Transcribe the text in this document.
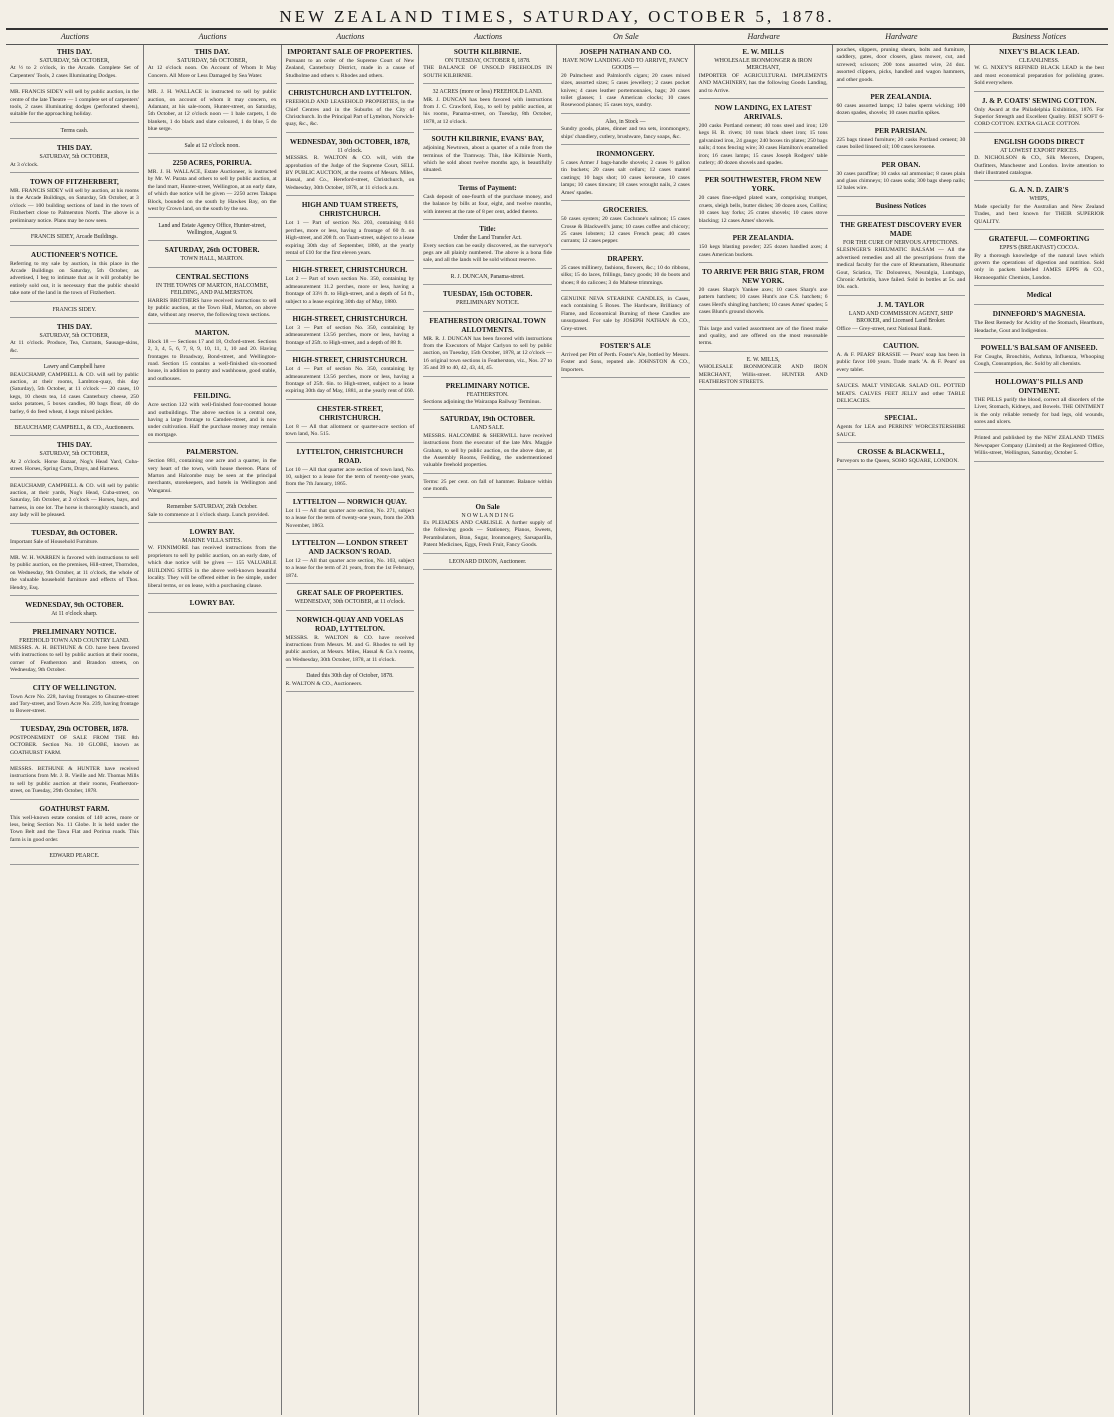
NEW ZEALAND TIMES, SATURDAY, OCTOBER 5, 1878.
Auctions	Auctions	Auctions	Auctions	On Sale	Hardware	Hardware	Business Notices
THIS DAY.
SATURDAY, 5th OCTOBER,

At ½ to 2 o'clock, in the Arcade. Complete Set of Carpenters' Tools, 2 cases Illuminating Dodges.

MR. FRANCIS SIDEY will sell by public auction, in the centre of the late Theatre — 1 complete set of carpenters' tools, 2 cases illuminating dodges (perforated sheets), suitable for the approaching holiday.

Terms cash.
THIS DAY.
SATURDAY, 5th OCTOBER,

At 3 o'clock.

TOWN OF FITZHERBERT,

MR. FRANCIS SIDEY will sell by auction, at his rooms in the Arcade Buildings, on Saturday, 5th October, at 3 o'clock — 100 building sections of land in the town of Fitzherbert close to Palmerston North. The above is a preliminary notice. Plans may be now seen.

FRANCIS SIDEY, Arcade Buildings.
AUCTIONEER'S NOTICE.

Referring to my sale by auction, in this place in the Arcade Buildings on Saturday, 5th October, as advertised, I beg to intimate that as it will probably be entirely sold out, it is necessary that the public should take note of the land in the town of Fitzherbert.

FRANCIS SIDEY.
THIS DAY.
SATURDAY, 5th OCTOBER,

At 11 o'clock. Produce, Tea, Currants, Sausage-skins, &c.

Lawry and Campbell have

BEAUCHAMP, CAMPBELL & CO. will sell by public auction, at their rooms, Lambton-quay, this day (Saturday), 5th October, at 11 o'clock — 20 cases, 10 kegs, 10 chests tea, 14 cases Canterbury cheese, 250 sacks potatoes, 5 boxes candles, 80 bags flour, 40 do barley, 6 do feed wheat, 4 kegs mixed pickles.

BEAUCHAMP, CAMPBELL, & CO., Auctioneers.
THIS DAY.
SATURDAY, 5th OCTOBER,

At 2 o'clock. Horse Bazaar, Nog's Head Yard, Cuba-street. Horses, Spring Carts, Drays, and Harness.

BEAUCHAMP, CAMPBELL & CO. will sell by public auction, at their yards, Nog's Head, Cuba-street, on Saturday, 5th October, at 2 o'clock — Horses, bays, and harness, in one lot. The horse is thoroughly staunch, and any lady will be pleased.

TUESDAY, 8th OCTOBER.

Important Sale of Household Furniture.

MR. W. H. WARREN is favored with instructions to sell by public auction, on the premises, Hill-street, Thorndon, on Wednesday, 9th October, at 11 o'clock, the whole of the valuable household furniture and effects of Thos. Hendry, Esq.

WEDNESDAY, 9th OCTOBER.
At 11 o'clock sharp.
PRELIMINARY NOTICE.
FREEHOLD TOWN AND COUNTRY LAND.

MESSRS. A. H. BETHUNE & CO. have been favored with instructions to sell by public auction at their rooms, corner of Featherston and Brandon streets, on Wednesday, 9th October.

CITY OF WELLINGTON.

Town Acre No. 228, having frontages to Ghuznee-street and Tory-street, and Town Acre No. 239, having frontage to Bower-street.

TUESDAY, 29th OCTOBER, 1878.

POSTPONEMENT OF SALE FROM THE 8th OCTOBER. Section No. 10 GLOBE, known as GOATHURST FARM.

MESSRS. BETHUNE & HUNTER have received instructions from Mr. J. R. Vieille and Mr. Thomas Mills to sell by public auction at their rooms, Featherston-street, on Tuesday, 29th October, 1878.

GOATHURST FARM.

This well-known estate consists of 140 acres, more or less, being Section No. 11 Globe. It is held under the Town Belt and the Tawa Flat and Porirua roads. This farm is in good order.

EDWARD PEARCE.
THIS DAY.
SATURDAY, 5th OCTOBER,

At 12 o'clock noon. On Account of Whom It May Concern. All More or Less Damaged by Sea Water.

MR. J. H. WALLACE is instructed to sell by public auction, on account of whom it may concern, ex Adamant, at his sale-room, Hunter-street, on Saturday, 5th October, at 12 o'clock noon — 1 bale carpets, 1 do blankets, 1 do black and slate coloured, 1 do blue, 5 do blue serge.

Sale at 12 o'clock noon.
2250 ACRES, PORIRUA.

MR. J. H. WALLACE, Estate Auctioneer, is instructed by Mr. W. Parata and others to sell by public auction, at the land mart, Hunter-street, Wellington, at an early date, of which due notice will be given — 2250 acres Takapu Block, bounded on the south by Hawkes Bay, on the west by Crown land, on the south by the sea.

Land and Estate Agency Office, Hunter-street, Wellington, August 9.
SATURDAY, 26th OCTOBER.
TOWN HALL, MARTON.
CENTRAL SECTIONS
IN THE TOWNS OF MARTON, HALCOMBE, FEILDING, AND PALMERSTON.

HARRIS BROTHERS have received instructions to sell by public auction, at the Town Hall, Marton, on above date, without any reserve, the following town sections.

MARTON.

Block 18 — Sections 17 and 18, Oxford-street. Sections 2, 3, 4, 5, 6, 7, 8, 9, 10, 11, 1, 10 and 20. Having frontages to Broadway, Bond-street, and Wellington-road. Section 15 contains a well-finished six-roomed house, in addition to pantry and washhouse, good stable, and outhouses.

FEILDING.

Acre section 122 with well-finished four-roomed house and outbuildings. The above section is a central one, having a large frontage to Camden-street, and is now under cultivation. Half the purchase money may remain on mortgage.

PALMERSTON.

Section 881, containing one acre and a quarter, in the very heart of the town, with house thereon. Plans of Marton and Halcombe may be seen at the principal merchants, storekeepers, and hotels in Wellington and Wanganui.

Remember SATURDAY, 26th October.

Sale to commence at 1 o'clock sharp. Lunch provided.

LOWRY BAY.
MARINE VILLA SITES.

W. FINNIMORE has received instructions from the proprietors to sell by public auction, on an early date, of which due notice will be given — 155 VALUABLE BUILDING SITES in the above well-known beautiful locality. They will be offered either in fee simple, under liberal terms, or on lease, with a purchasing clause.

LOWRY BAY.
IMPORTANT SALE OF PROPERTIES.

Pursuant to an order of the Supreme Court of New Zealand, Canterbury District, made in a cause of Studholme and others v. Rhodes and others.

CHRISTCHURCH AND LYTTELTON.

FREEHOLD AND LEASEHOLD PROPERTIES, in the Chief Centres and in the Suburbs of the City of Christchurch. In the Principal Part of Lyttelton, Norwich-quay, &c., &c.

WEDNESDAY, 30th OCTOBER, 1878,
11 o'clock.

MESSRS. R. WALTON & CO. will, with the approbation of the Judge of the Supreme Court, SELL BY PUBLIC AUCTION, at the rooms of Messrs. Miles, Hassal, and Co., Hereford-street, Christchurch, on Wednesday, 30th October, 1878, at 11 o'clock a.m.

HIGH AND TUAM STREETS, CHRISTCHURCH.

Lot 1 — Part of section No. 203, containing 0.61 perches, more or less, having a frontage of 60 ft. on High-street, and 208 ft. on Tuam-street, subject to a lease expiring 30th day of September, 1880, at the yearly rental of £10 for the first eleven years.

HIGH-STREET, CHRISTCHURCH.

Lot 2 — Part of town section No. 350, containing by admeasurement 11.2 perches, more or less, having a frontage of 33½ ft. to High-street, and a depth of 54 ft., subject to a lease expiring 30th day of May, 1880.

HIGH-STREET, CHRISTCHURCH.

Lot 3 — Part of section No. 350, containing by admeasurement 13.56 perches, more or less, having a frontage of 25ft. to High-street, and a depth of 88 ft.

HIGH-STREET, CHRISTCHURCH.

Lot 4 — Part of section No. 350, containing by admeasurement 13.56 perches, more or less, having a frontage of 25ft. 6in. to High-street, subject to a lease expiring 30th day of May, 1881, at the yearly rent of £60.

CHESTER-STREET, CHRISTCHURCH.

Lot 8 — All that allotment or quarter-acre section of town land, No. 515.

LYTTELTON, CHRISTCHURCH ROAD.

Lot 10 — All that quarter acre section of town land, No. 10, subject to a lease for the term of twenty-one years, from the 7th January, 1865.

LYTTELTON — NORWICH QUAY.

Lot 11 — All that quarter acre section, No. 271, subject to a lease for the term of twenty-one years, from the 20th November, 1863.

LYTTELTON — LONDON STREET AND JACKSON'S ROAD.

Lot 12 — All that quarter acre section, No. 103, subject to a lease for the term of 21 years, from the 1st February, 1874.

GREAT SALE OF PROPERTIES.
WEDNESDAY, 30th OCTOBER, at 11 o'clock.
NORWICH-QUAY AND VOELAS ROAD, LYTTELTON.

MESSRS. R. WALTON & CO. have received instructions from Messrs. M. and G. Rhodes to sell by public auction, at Messrs. Miles, Hassal & Co.'s rooms, on Wednesday, 30th October, 1878, at 11 o'clock.

Dated this 30th day of October, 1878.

R. WALTON & CO., Auctioneers.

SOUTH KILBIRNIE.
ON TUESDAY, OCTOBER 8, 1878.

THE BALANCE OF UNSOLD FREEHOLDS IN SOUTH KILBIRNIE.

32 ACRES (more or less) FREEHOLD LAND.

MR. J. DUNCAN has been favored with instructions from J. C. Crawford, Esq., to sell by public auction, at his rooms, Panama-street, on Tuesday, 8th October, 1878, at 12 o'clock.

SOUTH KILBIRNIE, EVANS' BAY,

adjoining Newtown, about a quarter of a mile from the terminus of the Tramway. This, like Kilbirnie North, which he sold about twelve months ago, is beautifully situated.

Terms of Payment:

Cash deposit of one-fourth of the purchase money, and the balance by bills at four, eight, and twelve months, with interest at the rate of 8 per cent, added thereto.

Title:
Under the Land Transfer Act.

Every section can be easily discovered, as the surveyor's pegs are all plainly numbered. The above is a bona fide sale, and all the lands will be sold without reserve.

R. J. DUNCAN, Panama-street.
TUESDAY, 15th OCTOBER.
PRELIMINARY NOTICE.
FEATHERSTON ORIGINAL TOWN ALLOTMENTS.

MR. R. J. DUNCAN has been favored with instructions from the Executors of Major Carlyon to sell by public auction, on Tuesday, 15th October, 1878, at 12 o'clock — 16 original town sections in Featherston, viz., Nos. 27 to 35 and 39 to 40, 42, 43, 44, 45.

PRELIMINARY NOTICE.
FEATHERSTON.

Sections adjoining the Wairarapa Railway Terminus.

SATURDAY, 19th OCTOBER.
LAND SALE.

MESSRS. HALCOMBE & SHERWILL have received instructions from the executor of the late Mrs. Maggie Graham, to sell by public auction, on the above date, at the Assembly Rooms, Feilding, the undermentioned valuable freehold properties.

Terms: 25 per cent. on fall of hammer. Balance within one month.

On Sale
N O W L A N D I N G

Ex PLEIADES AND CARLISLE. A further supply of the following goods — Stationery, Pianos, Sweets, Perambulators, Bran, Sugar, Ironmongery, Sarsaparilla, Patent Medicines, Eggs, Fresh Fruit, Fancy Goods.

LEONARD DIXON, Auctioneer.
JOSEPH NATHAN AND CO.
HAVE NOW LANDING AND TO ARRIVE, FANCY GOODS —

20 Palmchest and Palmlord's cigars; 20 cases mixed sizes, assorted sizes; 5 cases jewellery; 2 cases pocket knives; 4 cases leather portemonnaies, bags; 20 cases toilet glasses; 1 case American clocks; 10 cases Rosewood pianos; 15 cases toys, sundry.

Also, in Stock —

Sundry goods, plates, dinner and tea sets, ironmongery, ships' chandlery, cutlery, brushware, fancy soaps, &c.

IRONMONGERY.

5 cases Armer J bags-handle shovels; 2 cases ½ gallon tin buckets; 20 cases salt cellars; 12 cases mantel castings; 10 bags shot; 10 cases kerosene, 10 cases lamps; 10 cases tinware; 18 cases wrought nails, 2 cases Ames' spades.

GROCERIES.

50 cases oysters; 20 cases Cochrane's salmon; 15 cases Crosse & Blackwell's jams; 10 cases coffee and chicory; 25 cases lobsters; 12 cases French peas; 40 cases currants; 12 cases pepper.

DRAPERY.

25 cases millinery, fashions, flowers, &c.; 10 do ribbons, silks; 15 do laces, frillings, fancy goods; 10 do boots and shoes; 8 do calicoes; 3 do Maltese trimmings.

GENUINE NEVA STEARINE CANDLES, in Cases, each containing 5 Boxes. The Hardware, Brilliancy of Flame, and Economical Burning of these Candles are unsurpassed. For sale by JOSEPH NATHAN & CO., Grey-street.

FOSTER'S ALE

Arrived per Pitt of Perth. Foster's Ale, bottled by Messrs. Foster and Sons, reputed ale. JOHNSTON & CO., Importers.

E. W. MILLS
WHOLESALE IRONMONGER & IRON MERCHANT,

IMPORTER OF AGRICULTURAL IMPLEMENTS AND MACHINERY, has the following Goods Landing, and to Arrive.

NOW LANDING, EX LATEST ARRIVALS.

200 casks Portland cement; 40 tons steel and iron; 120 kegs H. B. rivets; 10 tons black sheet iron; 15 tons galvanized iron, 24 gauge; 240 boxes tin plates; 250 bags nails; 4 tons fencing wire; 30 cases Hamilton's enamelled iron; 16 cases lamps; 15 cases Joseph Rodgers' table cutlery; 40 dozen shovels and spades.

PER SOUTHWESTER, FROM NEW YORK.

20 cases fine-edged plated ware, comprising trumpet, cruets, sleigh bells, butter dishes; 30 dozen axes, Collins; 10 cases hay forks; 25 crates shovels; 10 cases stove blacking; 12 cases Ames' shovels.

PER ZEALANDIA.

150 kegs blasting powder; 225 dozen handled axes; 4 cases American buckets.

TO ARRIVE PER BRIG STAR, FROM NEW YORK.

20 cases Sharp's Yankee axes; 10 cases Sharp's axe pattern hatchets; 10 cases Hunt's axe C.S. hatchets; 6 cases Herd's shingling hatchets; 10 cases Ames' spades; 5 cases Blunt's ground shovels.

This large and varied assortment are of the finest make and quality, and are offered on the most reasonable terms.

E. W. MILLS,

WHOLESALE IRONMONGER AND IRON MERCHANT, Willis-street. HUNTER AND FEATHERSTON STREETS.

pouches, slippers, pruning shears, bolts and furniture, saddlery, gates, door closers, glass mower, cut, and screwed; scissors; 200 tons assorted wire, 24 doz. assorted clippers, picks, handled and wagon hammers, and other goods.

PER ZEALANDIA.

60 cases assorted lamps; 12 bales sperm wicking; 100 dozen spades, shovels; 10 cases marlin spikes.

PER PARISIAN.

225 bags tinned furniture; 20 casks Portland cement; 30 cases boiled linseed oil; 100 cases kerosene.

PER OBAN.

30 cases paraffine; 10 casks sal ammoniac; 8 cases plain and glass chimneys; 10 cases soda; 300 bags sheep nails; 12 bales wire.

Business Notices
THE GREATEST DISCOVERY EVER MADE
FOR THE CURE OF NERVOUS AFFECTIONS.

SLESINGER'S RHEUMATIC BALSAM — All the advertised remedies and all the prescriptions from the medical faculty for the cure of Rheumatism, Rheumatic Gout, Sciatica, Tic Doloureux, Neuralgia, Lumbago, Chronic Arthritis, have failed. Sold in bottles at 5s. and 10s. each.

J. M. TAYLOR
LAND AND COMMISSION AGENT, SHIP BROKER, and Licensed Land Broker.

Office — Grey-street, next National Bank.

CAUTION.

A. & F. PEARS' BRASSIE — Pears' soap has been in public favor 100 years. Trade mark 'A. & F. Pears' on every tablet.

SAUCES. MALT VINEGAR. SALAD OIL. POTTED MEATS. CALVES FEET JELLY and other TABLE DELICACIES.

SPECIAL.

Agents for LEA and PERRINS' WORCESTERSHIRE SAUCE.

CROSSE & BLACKWELL,

Purveyors to the Queen, SOHO SQUARE, LONDON.

NIXEY'S BLACK LEAD.
CLEANLINESS.

W. G. NIXEY'S REFINED BLACK LEAD is the best and most economical preparation for polishing grates. Sold everywhere.

J. & P. COATS' SEWING COTTON.

Only Award at the Philadelphia Exhibition, 1876. For Superior Strength and Excellent Quality. BEST SOFT 6-CORD COTTON. EXTRA GLACE COTTON.

ENGLISH GOODS DIRECT
AT LOWEST EXPORT PRICES.

D. NICHOLSON & CO., Silk Mercers, Drapers, Outfitters, Manchester and London. Invite attention to their illustrated catalogue.

G. A. N. D. ZAIR'S
WHIPS,

Made specially for the Australian and New Zealand Trades, and best known for THEIR SUPERIOR QUALITY.

GRATEFUL — COMFORTING
EPPS'S (BREAKFAST) COCOA.

By a thorough knowledge of the natural laws which govern the operations of digestion and nutrition. Sold only in packets labelled JAMES EPPS & CO., Homoeopathic Chemists, London.

Medical
DINNEFORD'S MAGNESIA.

The Best Remedy for Acidity of the Stomach, Heartburn, Headache, Gout and Indigestion.

POWELL'S BALSAM OF ANISEED.

For Coughs, Bronchitis, Asthma, Influenza, Whooping Cough, Consumption, &c. Sold by all chemists.

HOLLOWAY'S PILLS AND OINTMENT.

THE PILLS purify the blood, correct all disorders of the Liver, Stomach, Kidneys, and Bowels. THE OINTMENT is the only reliable remedy for bad legs, old wounds, sores and ulcers.

Printed and published by the NEW ZEALAND TIMES Newspaper Company (Limited) at the Registered Office, Willis-street, Wellington, Saturday, October 5.
